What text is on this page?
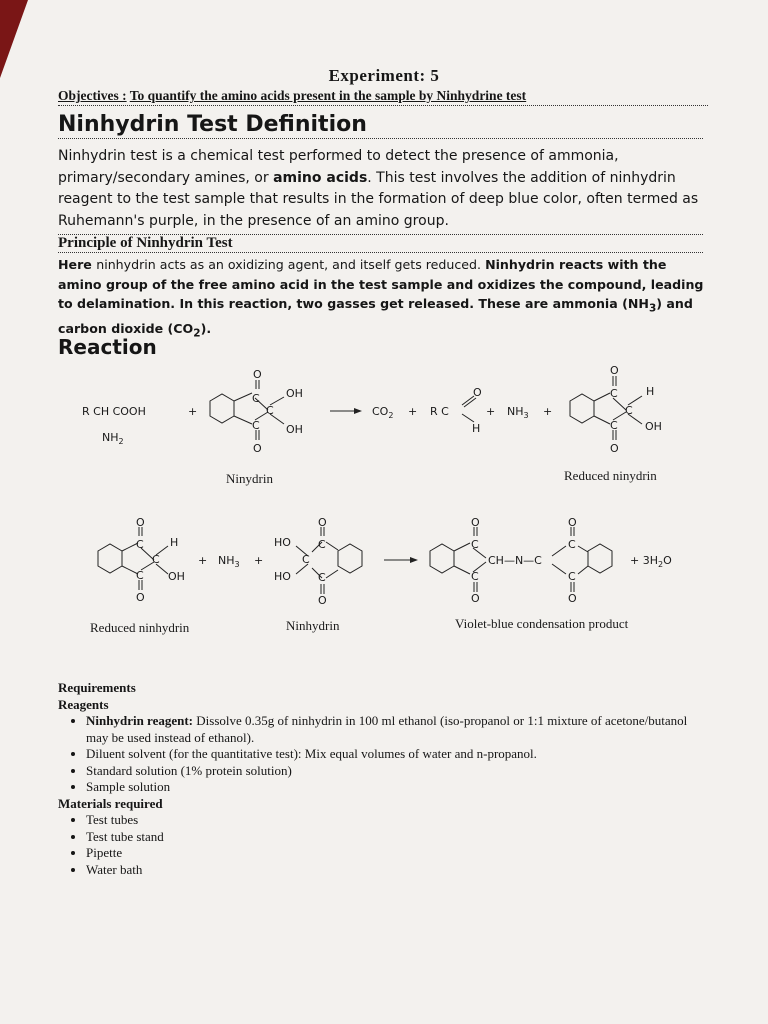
Experiment: 5
Objectives : To quantify the amino acids present in the sample by Ninhydrine test
Ninhydrin Test Definition
Ninhydrin test is a chemical test performed to detect the presence of ammonia, primary/secondary amines, or amino acids. This test involves the addition of ninhydrin reagent to the test sample that results in the formation of deep blue color, often termed as Ruhemann's purple, in the presence of an amino group.
Principle of Ninhydrin Test
Here ninhydrin acts as an oxidizing agent, and itself gets reduced. Ninhydrin reacts with the amino group of the free amino acid in the test sample and oxidizes the compound, leading to delamination. In this reaction, two gasses get released. These are ammonia $(NH_3)$ and carbon dioxide $(CO_2)$.
Reaction
R CH COOH
$NH_2$
+
O
C OH
C
OH
C
O
$CO_2 + R$ C
O
H
+ $NH_3$ +
O
C	H
C
OH
C
O
Ninydrin	Reduced ninydrin
O
C H
C
OH
C
O
+ $NH_3$ +
HO
HO
C
O
C
C
O
O
C
CH—N—C
C
O
O
C
C
O
+ $3H_2O$
Reduced ninhydrin	Ninhydrin	Violet-blue condensation product
Requirements
Reagents
• Ninhydrin reagent: Dissolve 0.35g of ninhydrin in 100 ml ethanol (iso-propanol or 1:1 mixture of acetone/butanol may be used instead of ethanol).
• Diluent solvent (for the quantitative test): Mix equal volumes of water and n-propanol.
• Standard solution (1% protein solution)
• Sample solution
Materials required
• Test tubes
• Test tube stand
• Pipette
• Water bath
